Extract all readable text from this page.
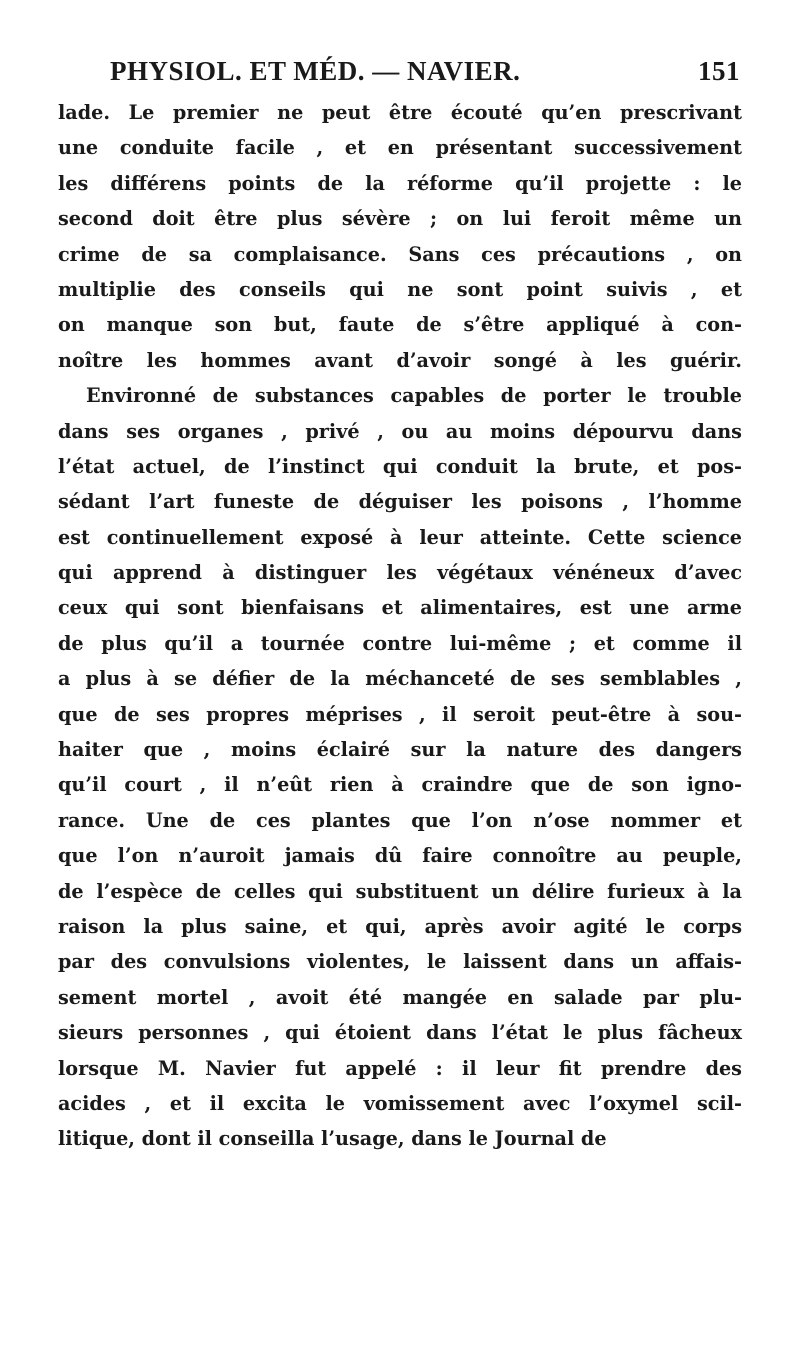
PHYSIOL. ET MÉD. — NAVIER.	151
lade. Le premier ne peut être écouté qu’en prescrivant
une conduite facile , et en présentant successivement
les différens points de la réforme qu’il projette : le
second doit être plus sévère ; on lui feroit même un
crime de sa complaisance. Sans ces précautions , on
multiplie des conseils qui ne sont point suivis , et
on manque son but, faute de s’être appliqué à con-
noître les hommes avant d’avoir songé à les guérir.
Environné de substances capables de porter le trouble
dans ses organes , privé , ou au moins dépourvu dans
l’état actuel, de l’instinct qui conduit la brute, et pos-
sédant l’art funeste de déguiser les poisons , l’homme
est continuellement exposé à leur atteinte. Cette science
qui apprend à distinguer les végétaux vénéneux d’avec
ceux qui sont bienfaisans et alimentaires, est une arme
de plus qu’il a tournée contre lui-même ; et comme il
a plus à se défier de la méchanceté de ses semblables ,
que de ses propres méprises , il seroit peut-être à sou-
haiter que , moins éclairé sur la nature des dangers
qu’il court , il n’eût rien à craindre que de son igno-
rance. Une de ces plantes que l’on n’ose nommer et
que l’on n’auroit jamais dû faire connoître au peuple,
de l’espèce de celles qui substituent un délire furieux à la
raison la plus saine, et qui, après avoir agité le corps
par des convulsions violentes, le laissent dans un affais-
sement mortel , avoit été mangée en salade par plu-
sieurs personnes , qui étoient dans l’état le plus fâcheux
lorsque M. Navier fut appelé : il leur fit prendre des
acides , et il excita le vomissement avec l’oxymel scil-
litique, dont il conseilla l’usage, dans le Journal de
